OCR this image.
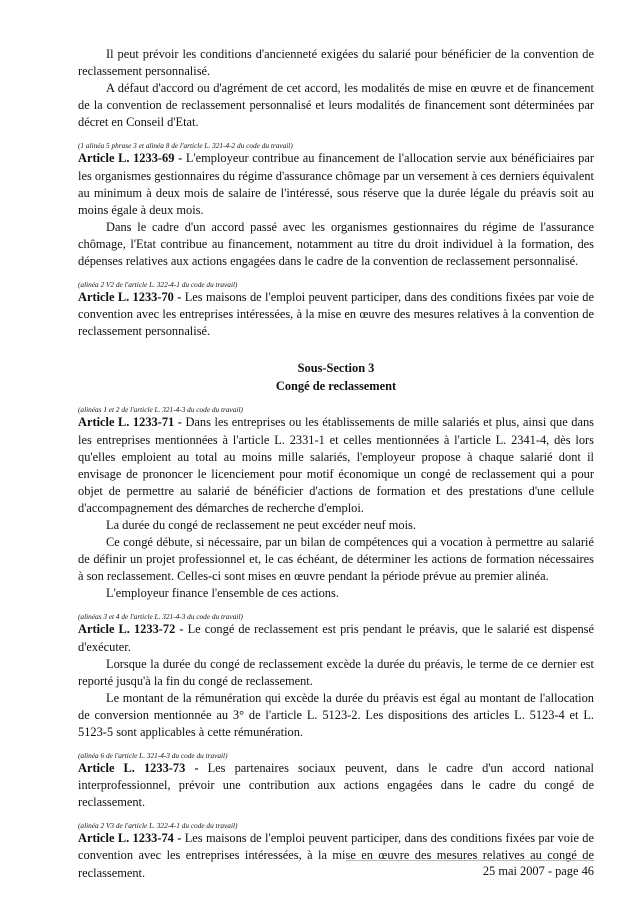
Il peut prévoir les conditions d'ancienneté exigées du salarié pour bénéficier de la convention de reclassement personnalisé.

A défaut d'accord ou d'agrément de cet accord, les modalités de mise en œuvre et de financement de la convention de reclassement personnalisé et leurs modalités de financement sont déterminées par décret en Conseil d'Etat.

(1 alinéa 5 phrase 3 et alinéa 8 de l'article L. 321-4-2 du code du travail)

Article L. 1233-69 - L'employeur contribue au financement de l'allocation servie aux bénéficiaires par les organismes gestionnaires du régime d'assurance chômage par un versement à ces derniers équivalent au minimum à deux mois de salaire de l'intéressé, sous réserve que la durée légale du préavis soit au moins égale à deux mois.

Dans le cadre d'un accord passé avec les organismes gestionnaires du régime de l'assurance chômage, l'Etat contribue au financement, notamment au titre du droit individuel à la formation, des dépenses relatives aux actions engagées dans le cadre de la convention de reclassement personnalisé.

(alinéa 2 V2 de l'article L. 322-4-1 du code du travail)

Article L. 1233-70 - Les maisons de l'emploi peuvent participer, dans des conditions fixées par voie de convention avec les entreprises intéressées, à la mise en œuvre des mesures relatives à la convention de reclassement personnalisé.

Sous-Section 3
Congé de reclassement

(alinéas 1 et 2 de l'article L. 321-4-3 du code du travail)

Article L. 1233-71 - Dans les entreprises ou les établissements de mille salariés et plus, ainsi que dans les entreprises mentionnées à l'article L. 2331-1 et celles mentionnées à l'article L. 2341-4, dès lors qu'elles emploient au total au moins mille salariés, l'employeur propose à chaque salarié dont il envisage de prononcer le licenciement pour motif économique un congé de reclassement qui a pour objet de permettre au salarié de bénéficier d'actions de formation et des prestations d'une cellule d'accompagnement des démarches de recherche d'emploi.

La durée du congé de reclassement ne peut excéder neuf mois.

Ce congé débute, si nécessaire, par un bilan de compétences qui a vocation à permettre au salarié de définir un projet professionnel et, le cas échéant, de déterminer les actions de formation nécessaires à son reclassement. Celles-ci sont mises en œuvre pendant la période prévue au premier alinéa.

L'employeur finance l'ensemble de ces actions.

(alinéas 3 et 4 de l'article L. 321-4-3 du code du travail)

Article L. 1233-72 - Le congé de reclassement est pris pendant le préavis, que le salarié est dispensé d'exécuter.

Lorsque la durée du congé de reclassement excède la durée du préavis, le terme de ce dernier est reporté jusqu'à la fin du congé de reclassement.

Le montant de la rémunération qui excède la durée du préavis est égal au montant de l'allocation de conversion mentionnée au 3° de l'article L. 5123-2. Les dispositions des articles L. 5123-4 et L. 5123-5 sont applicables à cette rémunération.

(alinéa 6 de l'article L. 321-4-3 du code du travail)

Article L. 1233-73 - Les partenaires sociaux peuvent, dans le cadre d'un accord national interprofessionnel, prévoir une contribution aux actions engagées dans le cadre du congé de reclassement.

(alinéa 2 V3 de l'article L. 322-4-1 du code du travail)

Article L. 1233-74 - Les maisons de l'emploi peuvent participer, dans des conditions fixées par voie de convention avec les entreprises intéressées, à la mise en œuvre des mesures relatives au congé de reclassement.	25 mai 2007 - page 46
